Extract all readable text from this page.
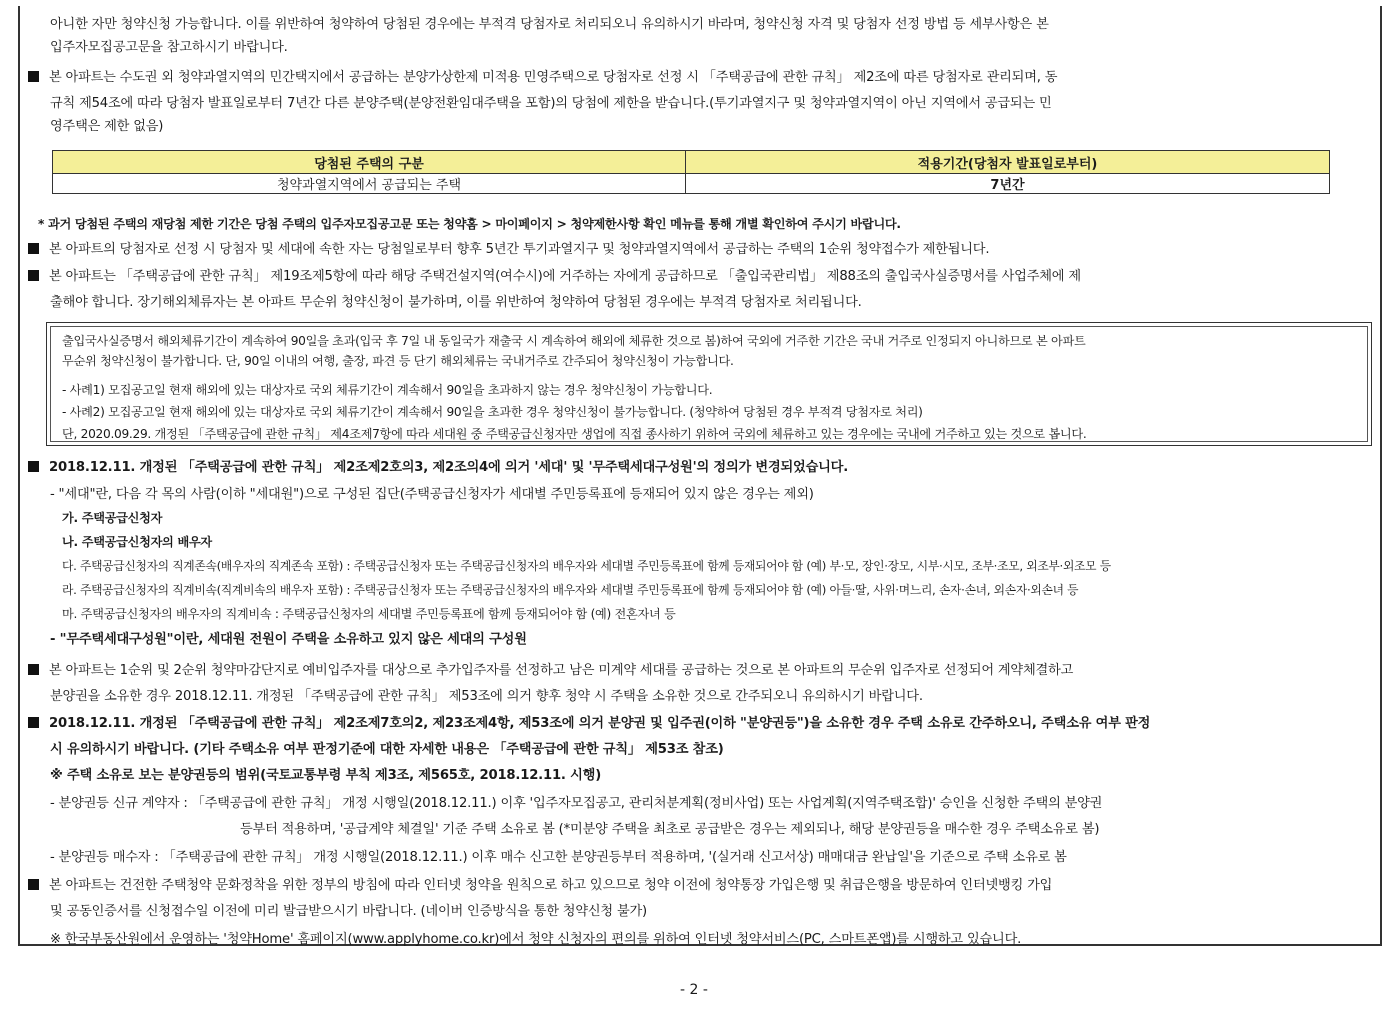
아니한 자만 청약신청 가능합니다. 이를 위반하여 청약하여 당첨된 경우에는 부적격 당첨자로 처리되오니 유의하시기 바라며, 청약신청 자격 및 당첨자 선정 방법 등 세부사항은 본
입주자모집공고문을 참고하시기 바랍니다.
본 아파트는 수도권 외 청약과열지역의 민간택지에서 공급하는 분양가상한제 미적용 민영주택으로 당첨자로 선정 시 「주택공급에 관한 규칙」 제2조에 따른 당첨자로 관리되며, 동
규칙 제54조에 따라 당첨자 발표일로부터 7년간 다른 분양주택(분양전환임대주택을 포함)의 당첨에 제한을 받습니다.(투기과열지구 및 청약과열지역이 아닌 지역에서 공급되는 민
영주택은 제한 없음)
당첨된 주택의 구분	적용기간(당첨자 발표일로부터)
청약과열지역에서 공급되는 주택	7년간
* 과거 당첨된 주택의 재당첨 제한 기간은 당첨 주택의 입주자모집공고문 또는 청약홈 > 마이페이지 > 청약제한사항 확인 메뉴를 통해 개별 확인하여 주시기 바랍니다.
본 아파트의 당첨자로 선정 시 당첨자 및 세대에 속한 자는 당첨일로부터 향후 5년간 투기과열지구 및 청약과열지역에서 공급하는 주택의 1순위 청약접수가 제한됩니다.
본 아파트는 「주택공급에 관한 규칙」 제19조제5항에 따라 해당 주택건설지역(여수시)에 거주하는 자에게 공급하므로 「출입국관리법」 제88조의 출입국사실증명서를 사업주체에 제
출해야 합니다. 장기해외체류자는 본 아파트 무순위 청약신청이 불가하며, 이를 위반하여 청약하여 당첨된 경우에는 부적격 당첨자로 처리됩니다.
출입국사실증명서 해외체류기간이 계속하여 90일을 초과(입국 후 7일 내 동일국가 재출국 시 계속하여 해외에 체류한 것으로 봄)하여 국외에 거주한 기간은 국내 거주로 인정되지 아니하므로 본 아파트
무순위 청약신청이 불가합니다. 단, 90일 이내의 여행, 출장, 파견 등 단기 해외체류는 국내거주로 간주되어 청약신청이 가능합니다.
- 사례1) 모집공고일 현재 해외에 있는 대상자로 국외 체류기간이 계속해서 90일을 초과하지 않는 경우 청약신청이 가능합니다.
- 사례2) 모집공고일 현재 해외에 있는 대상자로 국외 체류기간이 계속해서 90일을 초과한 경우 청약신청이 불가능합니다. (청약하여 당첨된 경우 부적격 당첨자로 처리)
단, 2020.09.29. 개정된 「주택공급에 관한 규칙」 제4조제7항에 따라 세대원 중 주택공급신청자만 생업에 직접 종사하기 위하여 국외에 체류하고 있는 경우에는 국내에 거주하고 있는 것으로 봅니다.
2018.12.11. 개정된 「주택공급에 관한 규칙」 제2조제2호의3, 제2조의4에 의거 '세대' 및 '무주택세대구성원'의 정의가 변경되었습니다.
- "세대"란, 다음 각 목의 사람(이하 "세대원")으로 구성된 집단(주택공급신청자가 세대별 주민등록표에 등재되어 있지 않은 경우는 제외)
가. 주택공급신청자
나. 주택공급신청자의 배우자
다. 주택공급신청자의 직계존속(배우자의 직계존속 포함) : 주택공급신청자 또는 주택공급신청자의 배우자와 세대별 주민등록표에 함께 등재되어야 함 (예) 부·모, 장인·장모, 시부·시모, 조부·조모, 외조부·외조모 등
라. 주택공급신청자의 직계비속(직계비속의 배우자 포함) : 주택공급신청자 또는 주택공급신청자의 배우자와 세대별 주민등록표에 함께 등재되어야 함 (예) 아들·딸, 사위·며느리, 손자·손녀, 외손자·외손녀 등
마. 주택공급신청자의 배우자의 직계비속 : 주택공급신청자의 세대별 주민등록표에 함께 등재되어야 함 (예) 전혼자녀 등
- "무주택세대구성원"이란, 세대원 전원이 주택을 소유하고 있지 않은 세대의 구성원
본 아파트는 1순위 및 2순위 청약마감단지로 예비입주자를 대상으로 추가입주자를 선정하고 남은 미계약 세대를 공급하는 것으로 본 아파트의 무순위 입주자로 선정되어 계약체결하고
분양권을 소유한 경우 2018.12.11. 개정된 「주택공급에 관한 규칙」 제53조에 의거 향후 청약 시 주택을 소유한 것으로 간주되오니 유의하시기 바랍니다.
2018.12.11. 개정된 「주택공급에 관한 규칙」 제2조제7호의2, 제23조제4항, 제53조에 의거 분양권 및 입주권(이하 "분양권등")을 소유한 경우 주택 소유로 간주하오니, 주택소유 여부 판정
시 유의하시기 바랍니다. (기타 주택소유 여부 판정기준에 대한 자세한 내용은 「주택공급에 관한 규칙」 제53조 참조)
※ 주택 소유로 보는 분양권등의 범위(국토교통부령 부칙 제3조, 제565호, 2018.12.11. 시행)
- 분양권등 신규 계약자 : 「주택공급에 관한 규칙」 개정 시행일(2018.12.11.) 이후 '입주자모집공고, 관리처분계획(정비사업) 또는 사업계획(지역주택조합)' 승인을 신청한 주택의 분양권
등부터 적용하며, '공급계약 체결일' 기준 주택 소유로 봄 (*미분양 주택을 최초로 공급받은 경우는 제외되나, 해당 분양권등을 매수한 경우 주택소유로 봄)
- 분양권등 매수자 : 「주택공급에 관한 규칙」 개정 시행일(2018.12.11.) 이후 매수 신고한 분양권등부터 적용하며, '(실거래 신고서상) 매매대금 완납일'을 기준으로 주택 소유로 봄
본 아파트는 건전한 주택청약 문화정착을 위한 정부의 방침에 따라 인터넷 청약을 원칙으로 하고 있으므로 청약 이전에 청약통장 가입은행 및 취급은행을 방문하여 인터넷뱅킹 가입
및 공동인증서를 신청접수일 이전에 미리 발급받으시기 바랍니다. (네이버 인증방식을 통한 청약신청 불가)
※ 한국부동산원에서 운영하는 '청약Home' 홈페이지(www.applyhome.co.kr)에서 청약 신청자의 편의를 위하여 인터넷 청약서비스(PC, 스마트폰앱)를 시행하고 있습니다.
- 2 -
